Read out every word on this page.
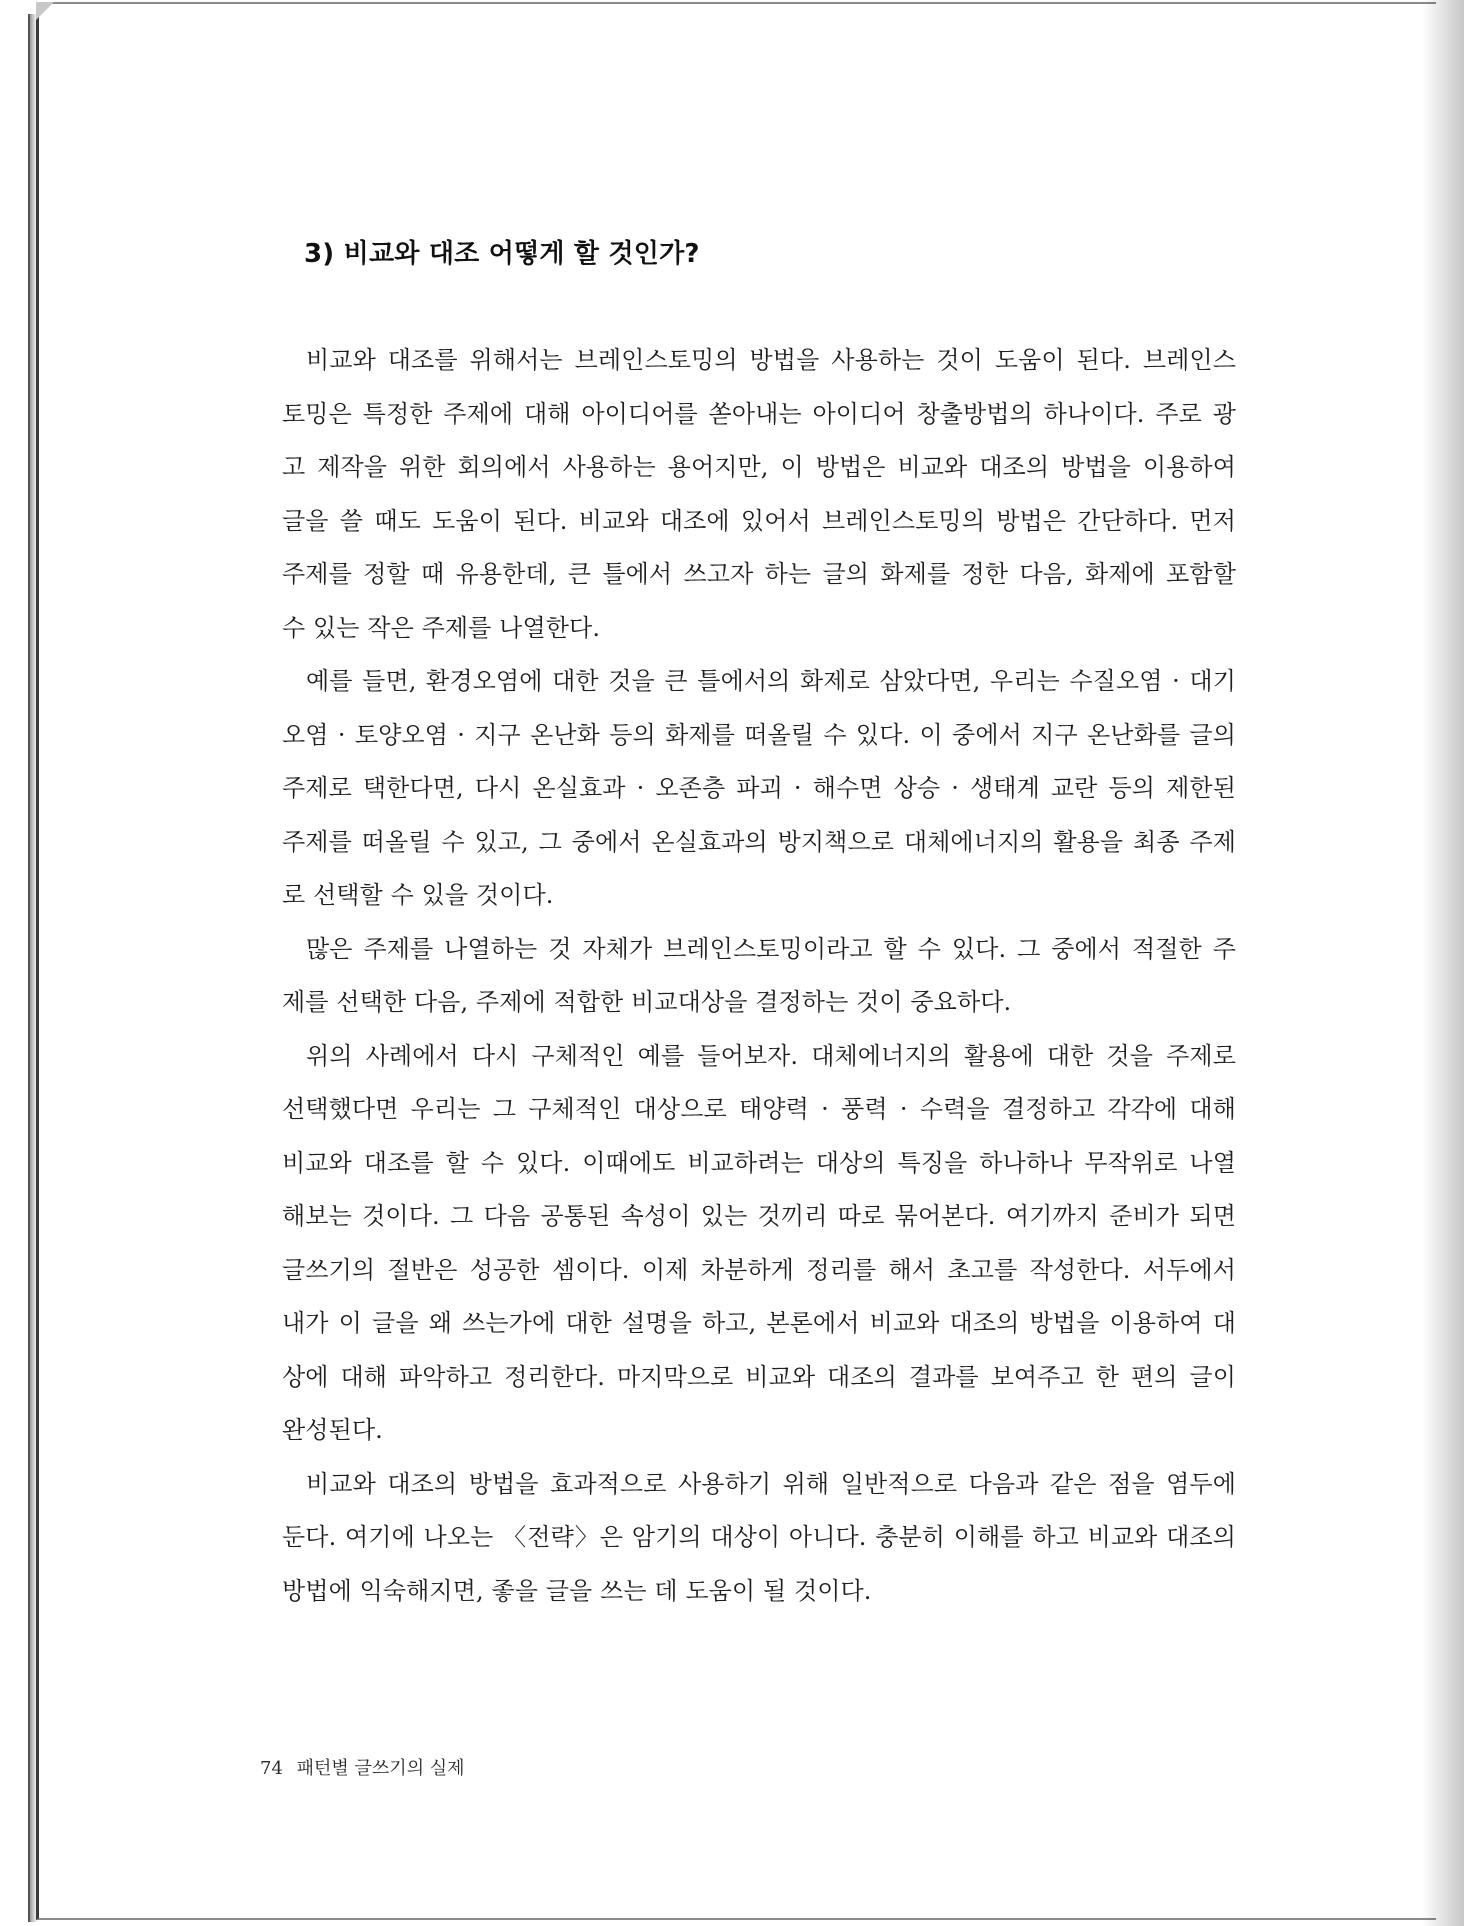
3) 비교와 대조 어떻게 할 것인가?
비교와 대조를 위해서는 브레인스토밍의 방법을 사용하는 것이 도움이 된다. 브레인스
토밍은 특정한 주제에 대해 아이디어를 쏟아내는 아이디어 창출방법의 하나이다. 주로 광
고 제작을 위한 회의에서 사용하는 용어지만, 이 방법은 비교와 대조의 방법을 이용하여
글을 쓸 때도 도움이 된다. 비교와 대조에 있어서 브레인스토밍의 방법은 간단하다. 먼저
주제를 정할 때 유용한데, 큰 틀에서 쓰고자 하는 글의 화제를 정한 다음, 화제에 포함할
수 있는 작은 주제를 나열한다.
예를 들면, 환경오염에 대한 것을 큰 틀에서의 화제로 삼았다면, 우리는 수질오염 · 대기
오염 · 토양오염 · 지구 온난화 등의 화제를 떠올릴 수 있다. 이 중에서 지구 온난화를 글의
주제로 택한다면, 다시 온실효과 · 오존층 파괴 · 해수면 상승 · 생태계 교란 등의 제한된
주제를 떠올릴 수 있고, 그 중에서 온실효과의 방지책으로 대체에너지의 활용을 최종 주제
로 선택할 수 있을 것이다.
많은 주제를 나열하는 것 자체가 브레인스토밍이라고 할 수 있다. 그 중에서 적절한 주
제를 선택한 다음, 주제에 적합한 비교대상을 결정하는 것이 중요하다.
위의 사례에서 다시 구체적인 예를 들어보자. 대체에너지의 활용에 대한 것을 주제로
선택했다면 우리는 그 구체적인 대상으로 태양력 · 풍력 · 수력을 결정하고 각각에 대해
비교와 대조를 할 수 있다. 이때에도 비교하려는 대상의 특징을 하나하나 무작위로 나열
해보는 것이다. 그 다음 공통된 속성이 있는 것끼리 따로 묶어본다. 여기까지 준비가 되면
글쓰기의 절반은 성공한 셈이다. 이제 차분하게 정리를 해서 초고를 작성한다. 서두에서
내가 이 글을 왜 쓰는가에 대한 설명을 하고, 본론에서 비교와 대조의 방법을 이용하여 대
상에 대해 파악하고 정리한다. 마지막으로 비교와 대조의 결과를 보여주고 한 편의 글이
완성된다.
비교와 대조의 방법을 효과적으로 사용하기 위해 일반적으로 다음과 같은 점을 염두에
둔다. 여기에 나오는 〈전략〉은 암기의 대상이 아니다. 충분히 이해를 하고 비교와 대조의
방법에 익숙해지면, 좋을 글을 쓰는 데 도움이 될 것이다.
74 패턴별 글쓰기의 실제
